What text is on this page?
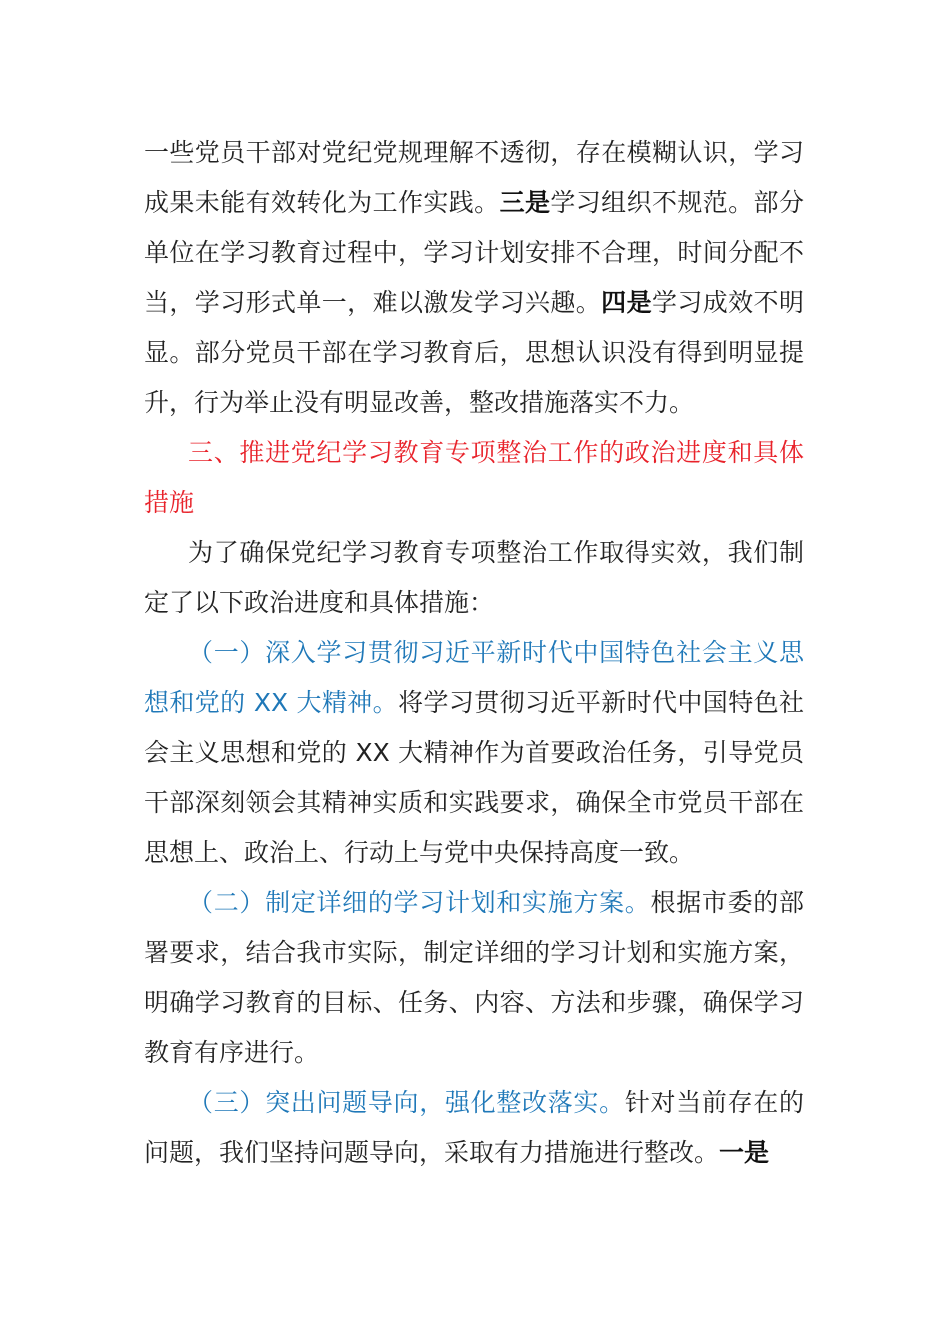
一些党员干部对党纪党规理解不透彻，存在模糊认识，学习成果未能有效转化为工作实践。三是学习组织不规范。部分单位在学习教育过程中，学习计划安排不合理，时间分配不当，学习形式单一，难以激发学习兴趣。四是学习成效不明显。部分党员干部在学习教育后，思想认识没有得到明显提升，行为举止没有明显改善，整改措施落实不力。

三、推进党纪学习教育专项整治工作的政治进度和具体措施

为了确保党纪学习教育专项整治工作取得实效，我们制定了以下政治进度和具体措施：

（一）深入学习贯彻习近平新时代中国特色社会主义思想和党的 XX 大精神。将学习贯彻习近平新时代中国特色社会主义思想和党的 XX 大精神作为首要政治任务，引导党员干部深刻领会其精神实质和实践要求，确保全市党员干部在思想上、政治上、行动上与党中央保持高度一致。

（二）制定详细的学习计划和实施方案。根据市委的部署要求，结合我市实际，制定详细的学习计划和实施方案，明确学习教育的目标、任务、内容、方法和步骤，确保学习教育有序进行。

（三）突出问题导向，强化整改落实。针对当前存在的问题，我们坚持问题导向，采取有力措施进行整改。一是
